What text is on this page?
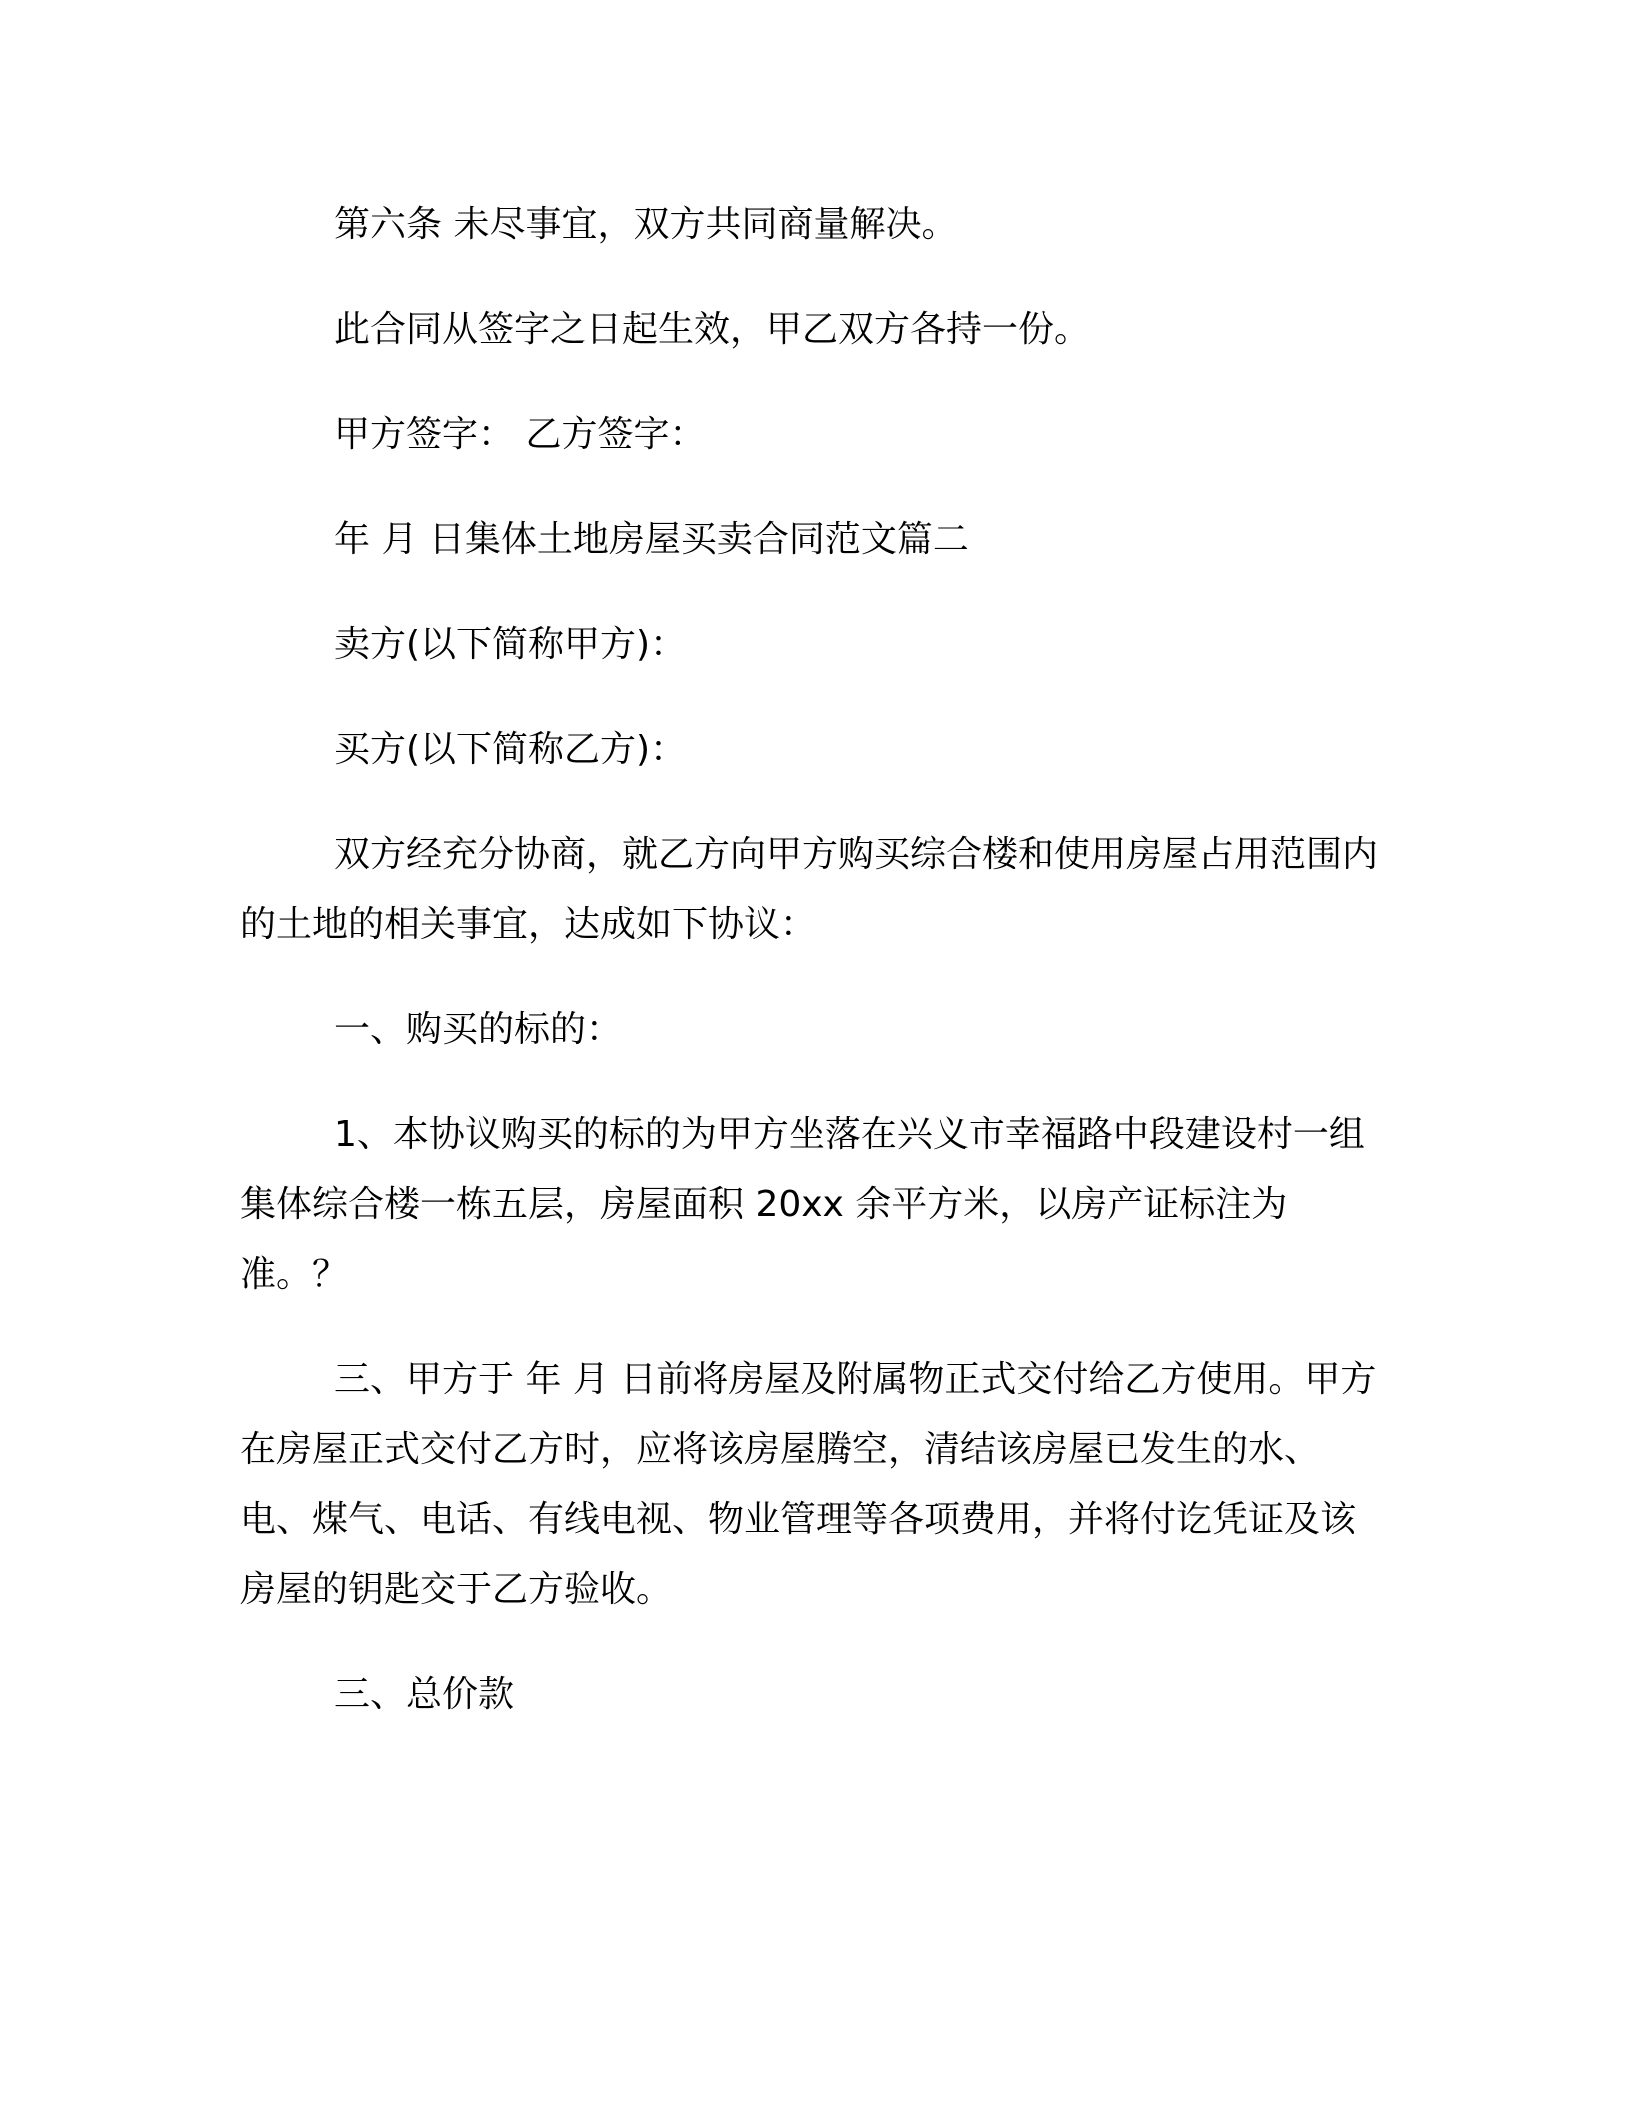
第六条 未尽事宜，双方共同商量解决。

此合同从签字之日起生效，甲乙双方各持一份。

甲方签字： 乙方签字：

年 月 日集体土地房屋买卖合同范文篇二

卖方(以下简称甲方)：

买方(以下简称乙方)：

双方经充分协商，就乙方向甲方购买综合楼和使用房屋占用范围内的土地的相关事宜，达成如下协议：

一、购买的标的：

1、本协议购买的标的为甲方坐落在兴义市幸福路中段建设村一组集体综合楼一栋五层，房屋面积 20xx 余平方米，以房产证标注为准。？

三、甲方于 年 月 日前将房屋及附属物正式交付给乙方使用。甲方在房屋正式交付乙方时，应将该房屋腾空，清结该房屋已发生的水、电、煤气、电话、有线电视、物业管理等各项费用，并将付讫凭证及该房屋的钥匙交于乙方验收。

三、总价款
